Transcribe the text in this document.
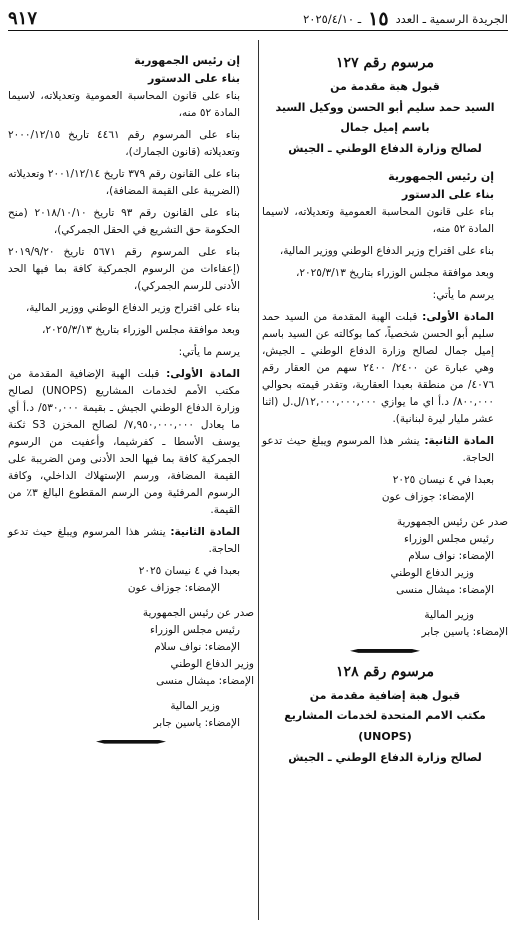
الجريدة الرسمية ـ العدد
١٥
ـ ٢٠٢٥/٤/١٠
٩١٧
مرسوم رقم ١٢٧

قبول هبة مقدمة من

السيد حمد سليم أبو الحسن ووكيل السيد

باسم إميل جمال

لصالح وزارة الدفاع الوطني ـ الجيش

إن رئيس الجمهورية

بناء على الدستور

بناء على قانون المحاسبة العمومية وتعديلاته، لاسيما المادة ٥٢ منه،

بناء على اقتراح وزير الدفاع الوطني ووزير المالية،

وبعد موافقة مجلس الوزراء بتاريخ ٢٠٢٥/٣/١٣،

يرسم ما يأتي:

المادة الأولى: قبلت الهبة المقدمة من السيد حمد سليم أبو الحسن شخصياً، كما بوكالته عن السيد باسم إميل جمال لصالح وزارة الدفاع الوطني ـ الجيش، وهي عبارة عن ٢٤٠٠/ ٢٤٠٠ سهم من العقار رقم ٤٠٧٦/ من منطقة بعبدا العقارية، وتقدر قيمته بحوالي ٨٠٠,٠٠٠/ د.أ اي ما يوازي ١٢,٠٠٠,٠٠٠,٠٠٠/ل.ل (اثنا عشر مليار ليرة لبنانية).

المادة الثانية: ينشر هذا المرسوم ويبلغ حيث تدعو الحاجة.

بعبدا في ٤ نيسان ٢٠٢٥

الإمضاء: جوزاف عون

صدر عن رئيس الجمهورية

رئيس مجلس الوزراء

الإمضاء: نواف سلام

وزير الدفاع الوطني

الإمضاء: ميشال منسى

وزير المالية

الإمضاء: ياسين جابر

مرسوم رقم ١٢٨

قبول هبة إضافية مقدمة من

مكتب الامم المتحدة لخدمات المشاريع

(UNOPS)

لصالح وزارة الدفاع الوطني ـ الجيش

إن رئيس الجمهورية

بناء على الدستور

بناء على قانون المحاسبة العمومية وتعديلاته، لاسيما المادة ٥٢ منه،

بناء على المرسوم رقم ٤٤٦١ تاريخ ٢٠٠٠/١٢/١٥ وتعديلاته (قانون الجمارك)،

بناء على القانون رقم ٣٧٩ تاريخ ٢٠٠١/١٢/١٤ وتعديلاته (الضريبة على القيمة المضافة)،

بناء على القانون رقم ٩٣ تاريخ ٢٠١٨/١٠/١٠ (منح الحكومة حق التشريع في الحقل الجمركي)،

بناء على المرسوم رقم ٥٦٧١ تاريخ ٢٠١٩/٩/٢٠ (إعفاءات من الرسوم الجمركية كافة بما فيها الحد الأدنى للرسم الجمركي)،

بناء على اقتراح وزير الدفاع الوطني ووزير المالية،

وبعد موافقة مجلس الوزراء بتاريخ ٢٠٢٥/٣/١٣،

يرسم ما يأتي:

المادة الأولى: قبلت الهبة الإضافية المقدمة من مكتب الأمم لخدمات المشاريع (UNOPS) لصالح وزارة الدفاع الوطني الجيش ـ بقيمة ٥٣٠,٠٠٠/ د.أ أي ما يعادل ٧,٩٥٠,٠٠٠,٠٠٠/ لصالح المخزن S3 ثكنة يوسف الأسطا ـ كفرشيما، وأعفيت من الرسوم الجمركية كافة بما فيها الحد الأدنى ومن الضريبة على القيمة المضافة، ورسم الإستهلاك الداخلي، وكافة الرسوم المرفئية ومن الرسم المقطوع البالغ ٣٪ من القيمة.

المادة الثانية: ينشر هذا المرسوم ويبلغ حيث تدعو الحاجة.

بعبدا في ٤ نيسان ٢٠٢٥

الإمضاء: جوزاف عون

صدر عن رئيس الجمهورية

رئيس مجلس الوزراء

الإمضاء: نواف سلام

وزير الدفاع الوطني

الإمضاء: ميشال منسى

وزير المالية

الإمضاء: ياسين جابر
